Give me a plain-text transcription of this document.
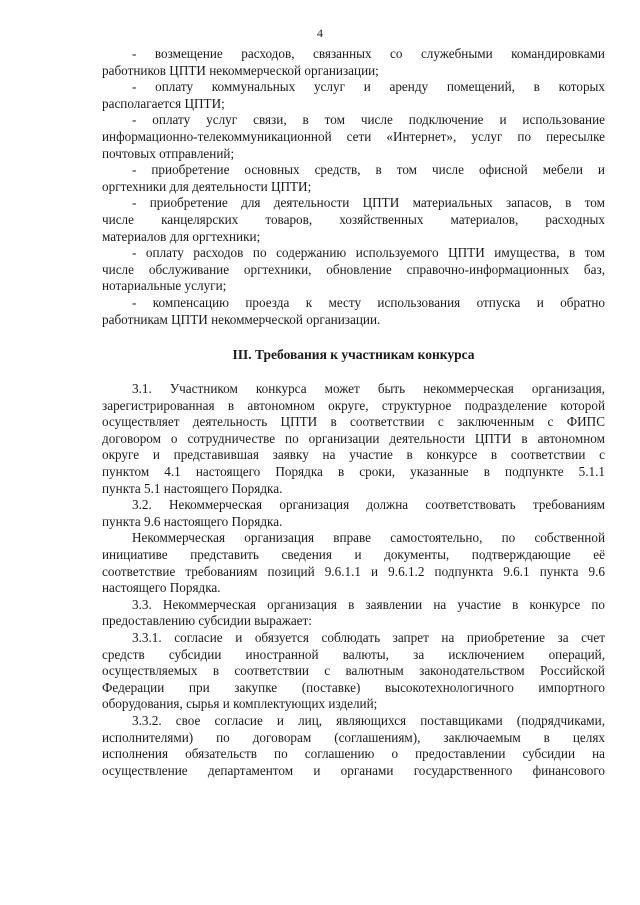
4
- возмещение расходов, связанных со служебными командировками
работников ЦПТИ некоммерческой организации;
- оплату коммунальных услуг и аренду помещений, в которых
располагается ЦПТИ;
- оплату услуг связи, в том числе подключение и использование
информационно-телекоммуникационной сети «Интернет», услуг по пересылке
почтовых отправлений;
- приобретение основных средств, в том числе офисной мебели и
оргтехники для деятельности ЦПТИ;
- приобретение для деятельности ЦПТИ материальных запасов, в том
числе канцелярских товаров, хозяйственных материалов, расходных
материалов для оргтехники;
- оплату расходов по содержанию используемого ЦПТИ имущества, в том
числе обслуживание оргтехники, обновление справочно-информационных баз,
нотариальные услуги;
- компенсацию проезда к месту использования отпуска и обратно
работникам ЦПТИ некоммерческой организации.
III. Требования к участникам конкурса
3.1. Участником конкурса может быть некоммерческая организация,
зарегистрированная в автономном округе, структурное подразделение которой
осуществляет деятельность ЦПТИ в соответствии с заключенным с ФИПС
договором о сотрудничестве по организации деятельности ЦПТИ в автономном
округе и представившая заявку на участие в конкурсе в соответствии с
пунктом 4.1 настоящего Порядка в сроки, указанные в подпункте 5.1.1
пункта 5.1 настоящего Порядка.
3.2. Некоммерческая организация должна соответствовать требованиям
пункта 9.6 настоящего Порядка.
Некоммерческая организация вправе самостоятельно, по собственной
инициативе представить сведения и документы, подтверждающие её
соответствие требованиям позиций 9.6.1.1 и 9.6.1.2 подпункта 9.6.1 пункта 9.6
настоящего Порядка.
3.3. Некоммерческая организация в заявлении на участие в конкурсе по
предоставлению субсидии выражает:
3.3.1. согласие и обязуется соблюдать запрет на приобретение за счет
средств субсидии иностранной валюты, за исключением операций,
осуществляемых в соответствии с валютным законодательством Российской
Федерации при закупке (поставке) высокотехнологичного импортного
оборудования, сырья и комплектующих изделий;
3.3.2. свое согласие и лиц, являющихся поставщиками (подрядчиками,
исполнителями) по договорам (соглашениям), заключаемым в целях
исполнения обязательств по соглашению о предоставлении субсидии на
осуществление департаментом и органами государственного финансового
